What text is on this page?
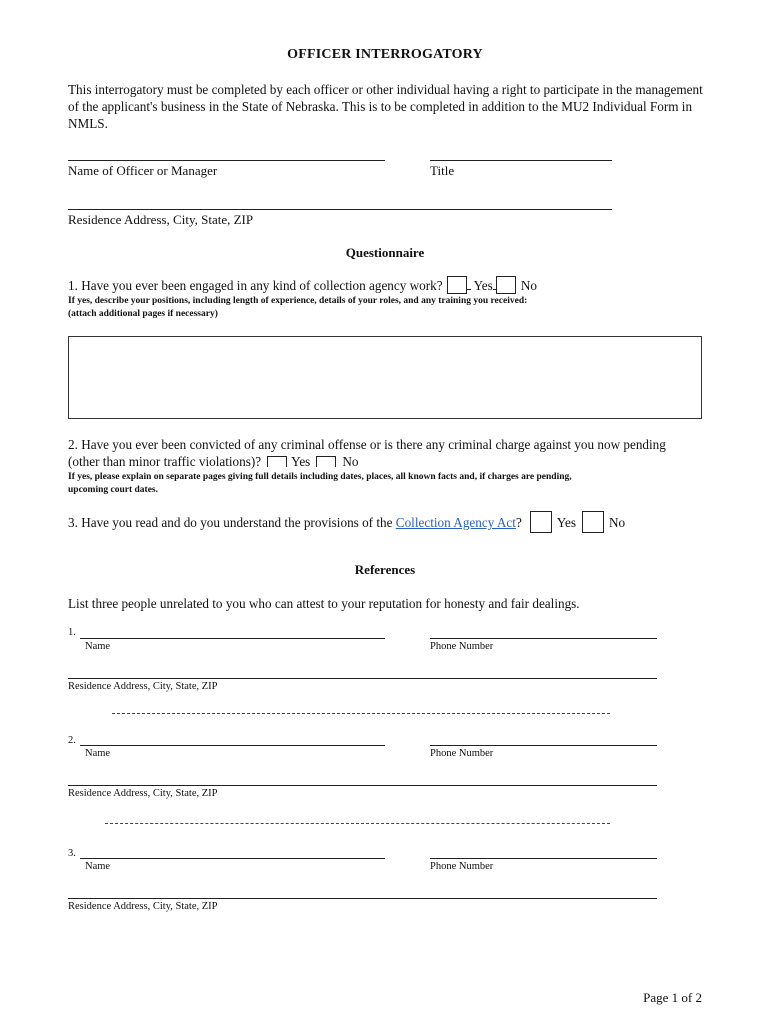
OFFICER INTERROGATORY
This interrogatory must be completed by each officer or other individual having a right to participate in the management of the applicant's business in the State of Nebraska. This is to be completed in addition to the MU2 Individual Form in NMLS.
Name of Officer or Manager	Title
Residence Address, City, State, ZIP
Questionnaire
1. Have you ever been engaged in any kind of collection agency work? Yes No
If yes, describe your positions, including length of experience, details of your roles, and any training you received:
(attach additional pages if necessary)
2. Have you ever been convicted of any criminal offense or is there any criminal charge against you now pending
(other than minor traffic violations)? Yes No
If yes, please explain on separate pages giving full details including dates, places, all known facts and, if charges are pending,
upcoming court dates.
3. Have you read and do you understand the provisions of the Collection Agency Act?	Yes	No
References
List three people unrelated to you who can attest to your reputation for honesty and fair dealings.
1.
Name	Phone Number
Residence Address, City, State, ZIP
2.
Name	Phone Number
Residence Address, City, State, ZIP
3.
Name	Phone Number
Residence Address, City, State, ZIP
Page 1 of 2
